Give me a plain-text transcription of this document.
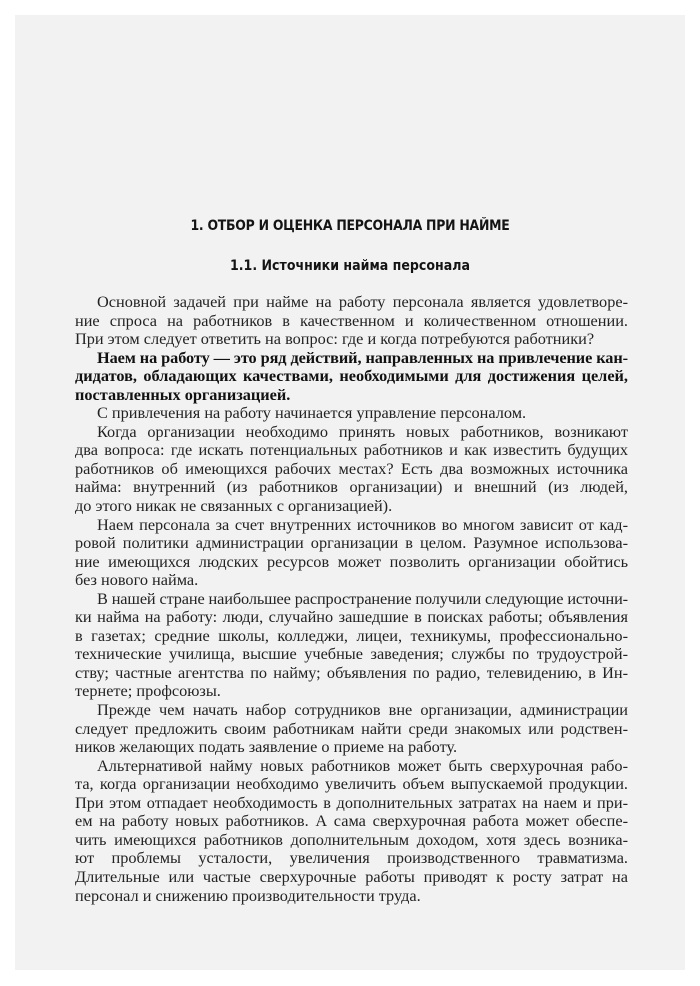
1. ОТБОР И ОЦЕНКА ПЕРСОНАЛА ПРИ НАЙМЕ
1.1. Источники найма персонала
Основной задачей при найме на работу персонала является удовлетворе-
ние спроса на работников в качественном и количественном отношении.
При этом следует ответить на вопрос: где и когда потребуются работники?
Наем на работу — это ряд действий, направленных на привлечение кан-
дидатов, обладающих качествами, необходимыми для достижения целей,
поставленных организацией.
С привлечения на работу начинается управление персоналом.
Когда организации необходимо принять новых работников, возникают
два вопроса: где искать потенциальных работников и как известить будущих
работников об имеющихся рабочих местах? Есть два возможных источника
найма: внутренний (из работников организации) и внешний (из людей,
до этого никак не связанных с организацией).
Наем персонала за счет внутренних источников во многом зависит от кад-
ровой политики администрации организации в целом. Разумное использова-
ние имеющихся людских ресурсов может позволить организации обойтись
без нового найма.
В нашей стране наибольшее распространение получили следующие источни-
ки найма на работу: люди, случайно зашедшие в поисках работы; объявления
в газетах; средние школы, колледжи, лицеи, техникумы, профессионально-
технические училища, высшие учебные заведения; службы по трудоустрой-
ству; частные агентства по найму; объявления по радио, телевидению, в Ин-
тернете; профсоюзы.
Прежде чем начать набор сотрудников вне организации, администрации
следует предложить своим работникам найти среди знакомых или родствен-
ников желающих подать заявление о приеме на работу.
Альтернативой найму новых работников может быть сверхурочная рабо-
та, когда организации необходимо увеличить объем выпускаемой продукции.
При этом отпадает необходимость в дополнительных затратах на наем и при-
ем на работу новых работников. А сама сверхурочная работа может обеспе-
чить имеющихся работников дополнительным доходом, хотя здесь возника-
ют проблемы усталости, увеличения производственного травматизма.
Длительные или частые сверхурочные работы приводят к росту затрат на
персонал и снижению производительности труда.
